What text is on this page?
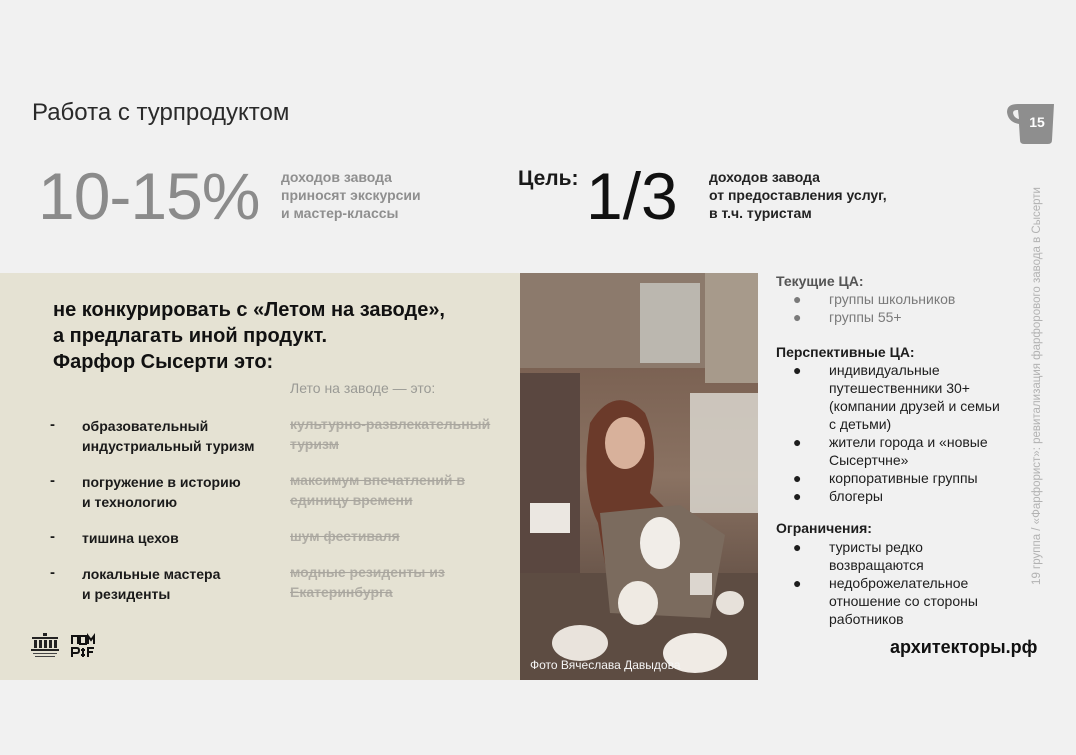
Работа с турпродуктом	15
19 группа / «Фарфорист»: ревитализация фарфорового завода в Сысерти
10-15% доходов завода
приносят экскурсии
и мастер-классы
Цель: 1/3 доходов завода
от предоставления услуг,
в т.ч. туристам
не конкурировать с «Летом на заводе»,
а предлагать иной продукт.
Фарфор Сысерти это:
Лето на заводе — это:
- образовательный
индустриальный туризм
культурно-развлекательный
туризм
- погружение в историю
и технологию
максимум впечатлений в
единицу времени
- тишина цехов	шум фестиваля
- локальные мастера
и резиденты
модные резиденты из
Екатеринбурга
Фото Вячеслава Давыдова
Текущие ЦА:
● группы школьников
● группы 55+
Перспективные ЦА:
● индивидуальные
путешественники 30+
(компании друзей и семьи
с детьми)
● жители города и «новые
Сысертчне»
● корпоративные группы
● блогеры
Ограничения:
● туристы редко
возвращаются
● недоброжелательное
отношение со стороны
работников
архитекторы.рф
